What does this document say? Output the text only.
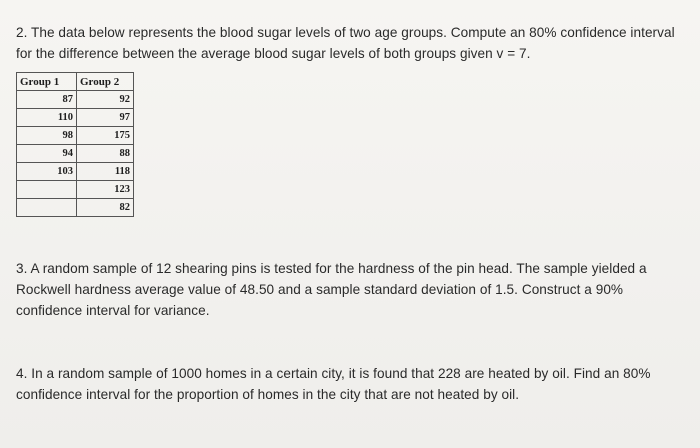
2. The data below represents the blood sugar levels of two age groups. Compute an 80% confidence interval for the difference between the average blood sugar levels of both groups given v = 7.

Group 1	Group 2
87	92
110	97
98	175
94	88
103	118
	123
	82

3. A random sample of 12 shearing pins is tested for the hardness of the pin head. The sample yielded a Rockwell hardness average value of 48.50 and a sample standard deviation of 1.5. Construct a 90% confidence interval for variance.

4. In a random sample of 1000 homes in a certain city, it is found that 228 are heated by oil. Find an 80% confidence interval for the proportion of homes in the city that are not heated by oil.
